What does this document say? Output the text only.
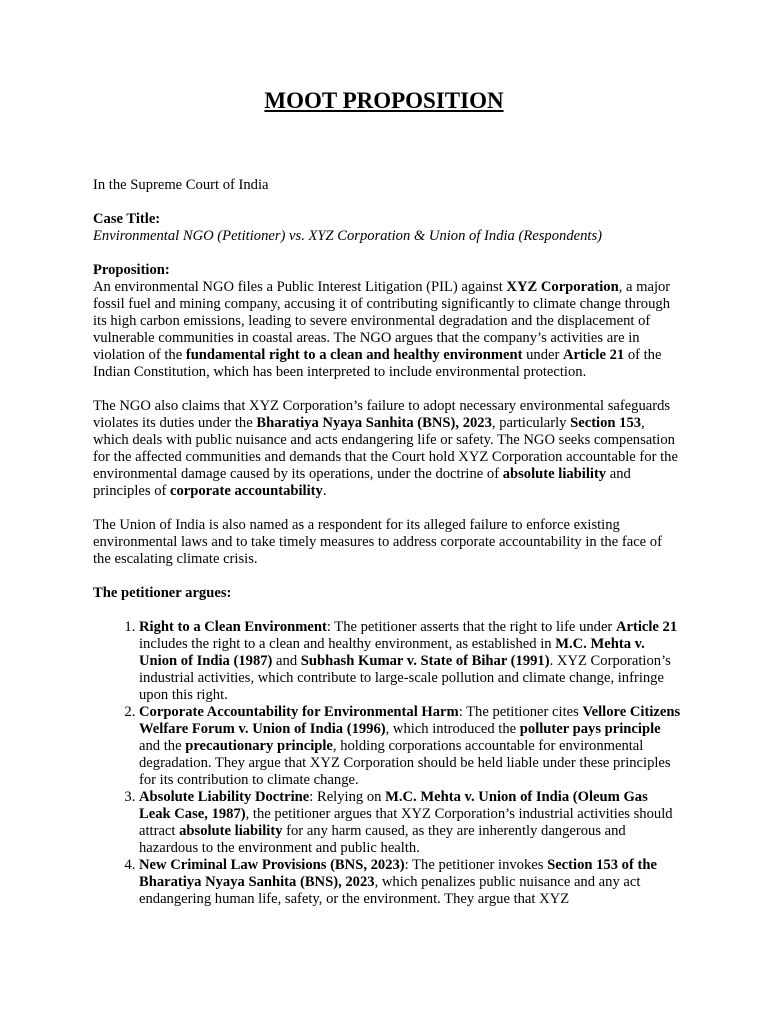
MOOT PROPOSITION

In the Supreme Court of India

Case Title:

Environmental NGO (Petitioner) vs. XYZ Corporation & Union of India (Respondents)

Proposition:

An environmental NGO files a Public Interest Litigation (PIL) against XYZ Corporation, a major fossil fuel and mining company, accusing it of contributing significantly to climate change through its high carbon emissions, leading to severe environmental degradation and the displacement of vulnerable communities in coastal areas. The NGO argues that the company’s activities are in violation of the fundamental right to a clean and healthy environment under Article 21 of the Indian Constitution, which has been interpreted to include environmental protection.

The NGO also claims that XYZ Corporation’s failure to adopt necessary environmental safeguards violates its duties under the Bharatiya Nyaya Sanhita (BNS), 2023, particularly Section 153, which deals with public nuisance and acts endangering life or safety. The NGO seeks compensation for the affected communities and demands that the Court hold XYZ Corporation accountable for the environmental damage caused by its operations, under the doctrine of absolute liability and principles of corporate accountability.

The Union of India is also named as a respondent for its alleged failure to enforce existing environmental laws and to take timely measures to address corporate accountability in the face of the escalating climate crisis.

The petitioner argues:

1. Right to a Clean Environment: The petitioner asserts that the right to life under Article 21 includes the right to a clean and healthy environment, as established in M.C. Mehta v. Union of India (1987) and Subhash Kumar v. State of Bihar (1991). XYZ Corporation’s industrial activities, which contribute to large-scale pollution and climate change, infringe upon this right.
2. Corporate Accountability for Environmental Harm: The petitioner cites Vellore Citizens Welfare Forum v. Union of India (1996), which introduced the polluter pays principle and the precautionary principle, holding corporations accountable for environmental degradation. They argue that XYZ Corporation should be held liable under these principles for its contribution to climate change.
3. Absolute Liability Doctrine: Relying on M.C. Mehta v. Union of India (Oleum Gas Leak Case, 1987), the petitioner argues that XYZ Corporation’s industrial activities should attract absolute liability for any harm caused, as they are inherently dangerous and hazardous to the environment and public health.
4. New Criminal Law Provisions (BNS, 2023): The petitioner invokes Section 153 of the Bharatiya Nyaya Sanhita (BNS), 2023, which penalizes public nuisance and any act endangering human life, safety, or the environment. They argue that XYZ
